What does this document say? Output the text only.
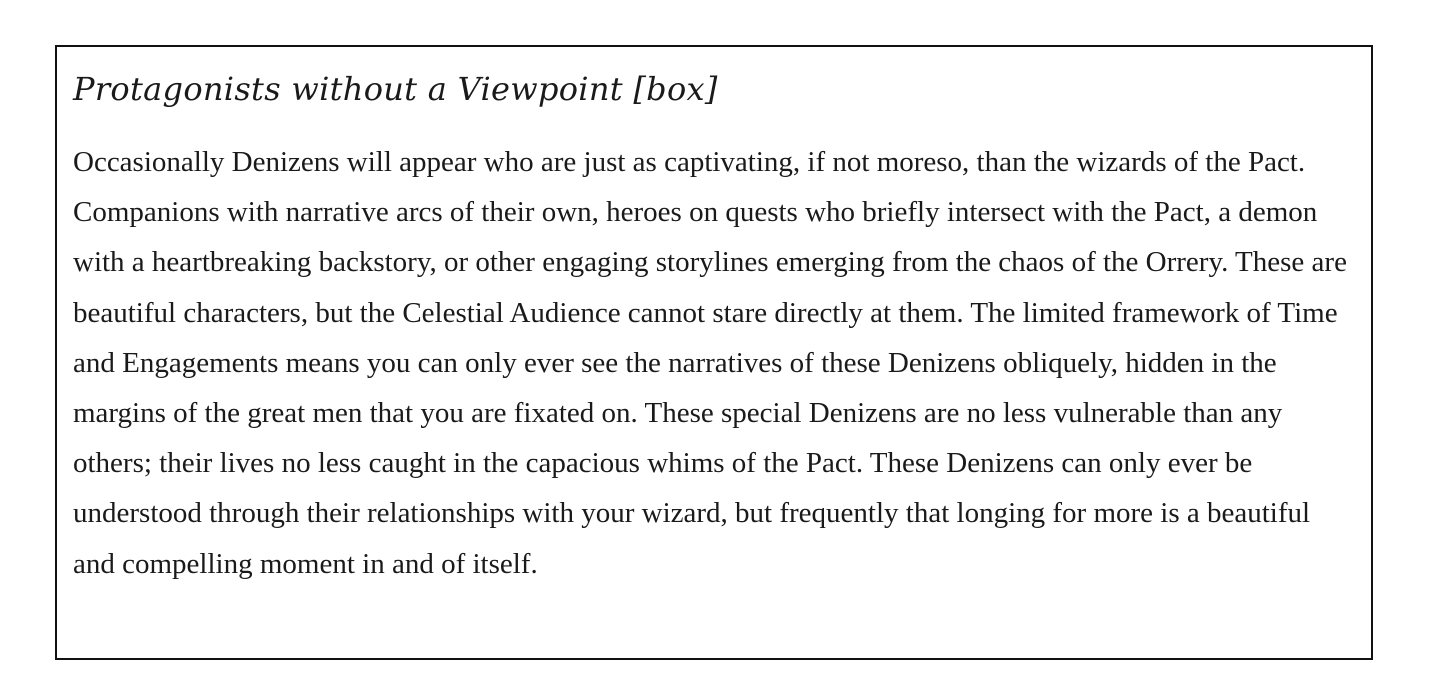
Protagonists without a Viewpoint [box]

Occasionally Denizens will appear who are just as captivating, if not moreso, than the wizards of the Pact. Companions with narrative arcs of their own, heroes on quests who briefly intersect with the Pact, a demon with a heartbreaking backstory, or other engaging storylines emerging from the chaos of the Orrery. These are beautiful characters, but the Celestial Audience cannot stare directly at them. The limited framework of Time and Engagements means you can only ever see the narratives of these Denizens obliquely, hidden in the margins of the great men that you are fixated on. These special Denizens are no less vulnerable than any others; their lives no less caught in the capacious whims of the Pact. These Denizens can only ever be understood through their relationships with your wizard, but frequently that longing for more is a beautiful and compelling moment in and of itself.
